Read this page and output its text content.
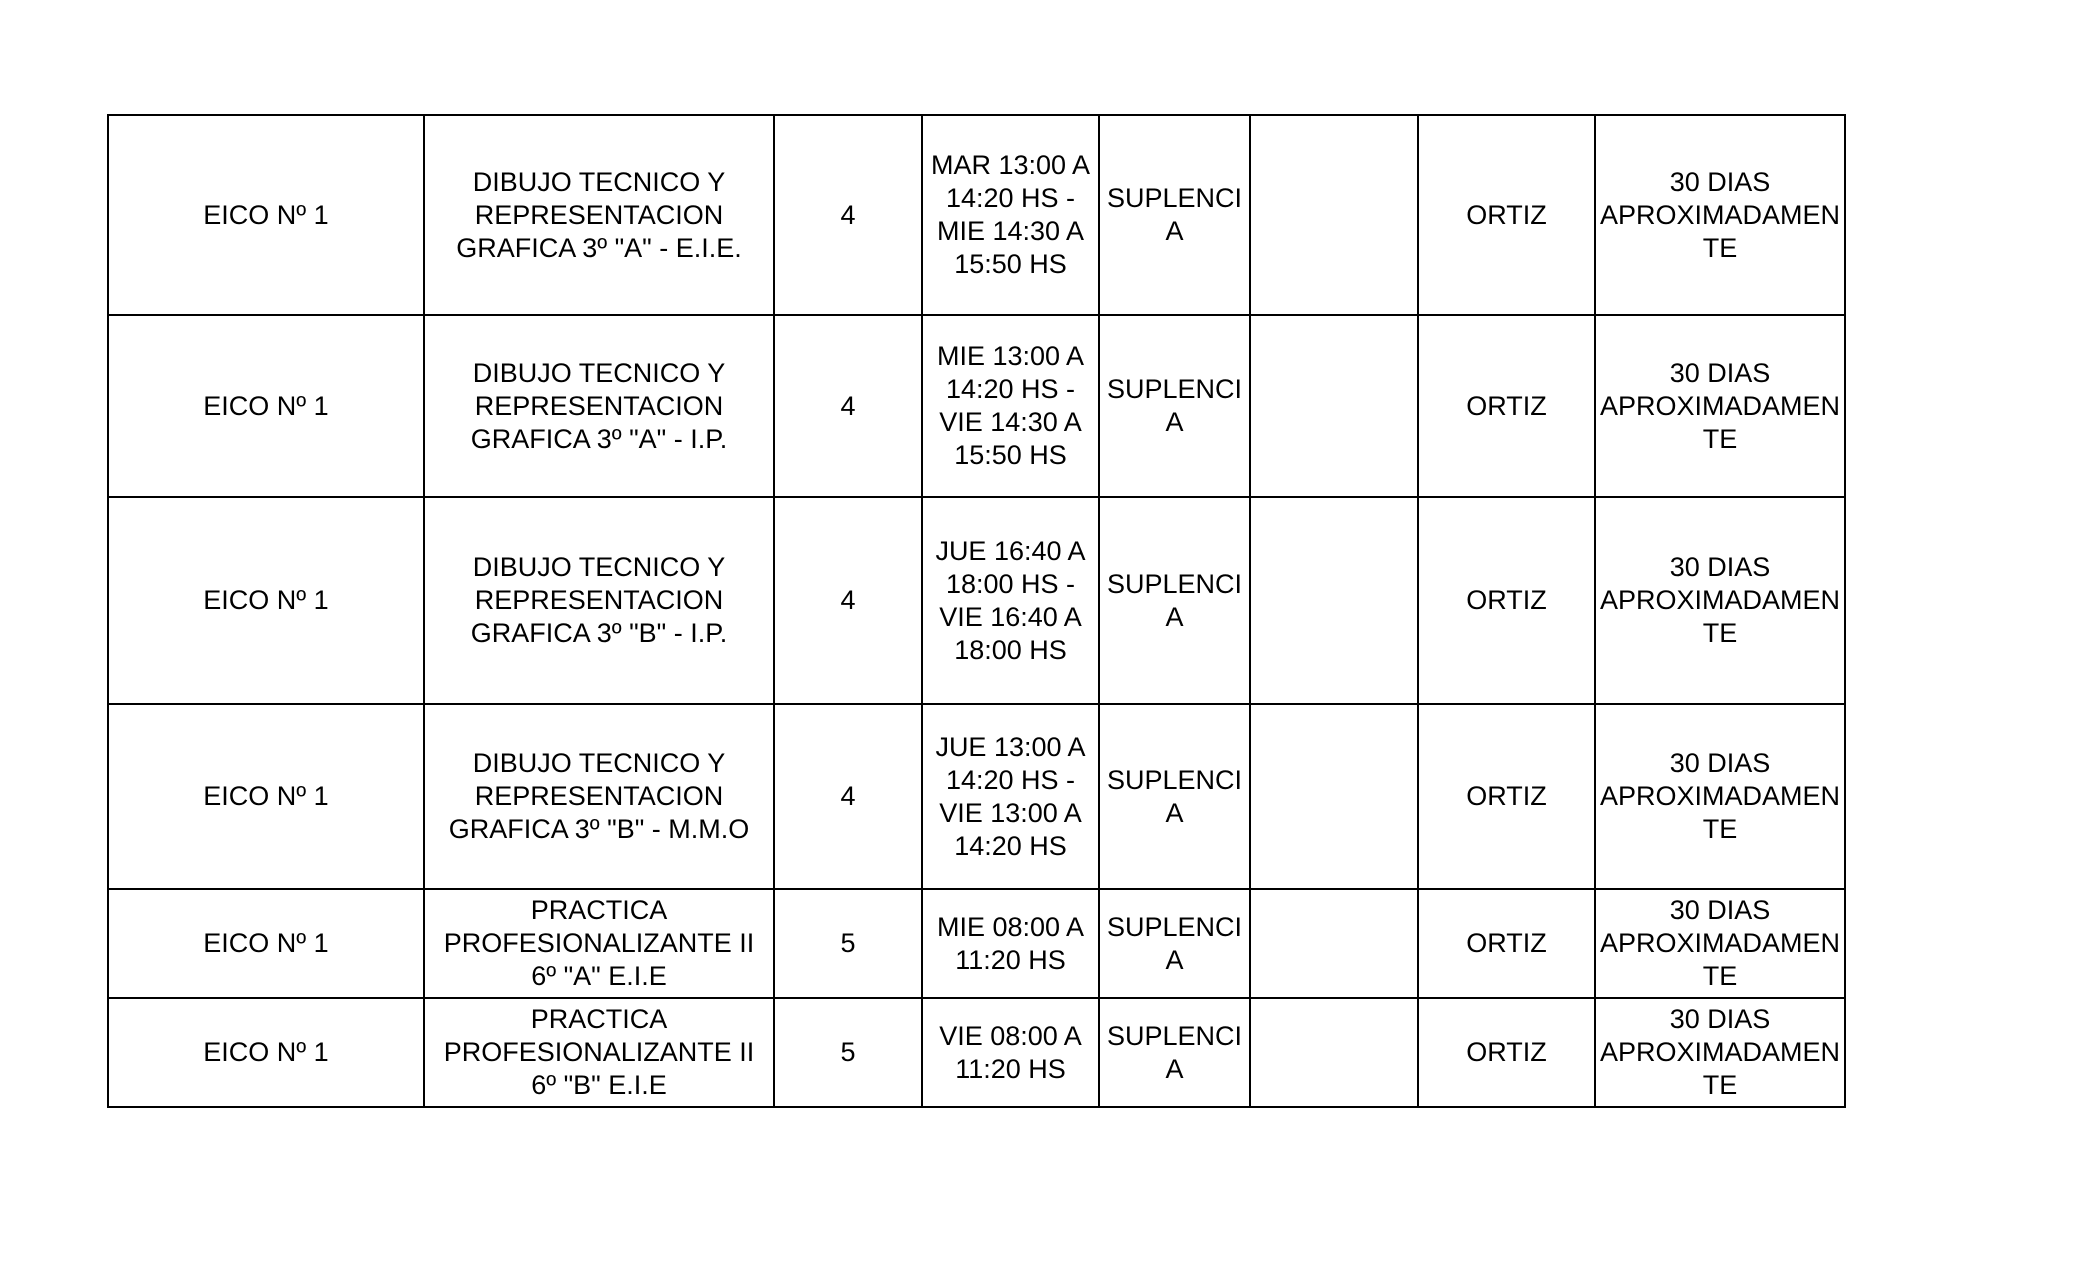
EICO Nº 1	DIBUJO TECNICO Y
REPRESENTACION
GRAFICA 3º "A" - E.I.E.	4	MAR 13:00 A
14:20 HS -
MIE 14:30 A
15:50 HS	SUPLENCI
A		ORTIZ	30 DIAS
APROXIMADAMEN
TE
EICO Nº 1	DIBUJO TECNICO Y
REPRESENTACION
GRAFICA 3º "A" - I.P.	4	MIE 13:00 A
14:20 HS -
VIE 14:30 A
15:50 HS	SUPLENCI
A		ORTIZ	30 DIAS
APROXIMADAMEN
TE
EICO Nº 1	DIBUJO TECNICO Y
REPRESENTACION
GRAFICA 3º "B" - I.P.	4	JUE 16:40 A
18:00 HS -
VIE 16:40 A
18:00 HS	SUPLENCI
A		ORTIZ	30 DIAS
APROXIMADAMEN
TE
EICO Nº 1	DIBUJO TECNICO Y
REPRESENTACION
GRAFICA 3º "B" - M.M.O	4	JUE 13:00 A
14:20 HS -
VIE 13:00 A
14:20 HS	SUPLENCI
A		ORTIZ	30 DIAS
APROXIMADAMEN
TE
EICO Nº 1	PRACTICA
PROFESIONALIZANTE II
6º "A" E.I.E	5	MIE 08:00 A
11:20 HS	SUPLENCI
A		ORTIZ	30 DIAS
APROXIMADAMEN
TE
EICO Nº 1	PRACTICA
PROFESIONALIZANTE II
6º "B" E.I.E	5	VIE 08:00 A
11:20 HS	SUPLENCI
A		ORTIZ	30 DIAS
APROXIMADAMEN
TE
